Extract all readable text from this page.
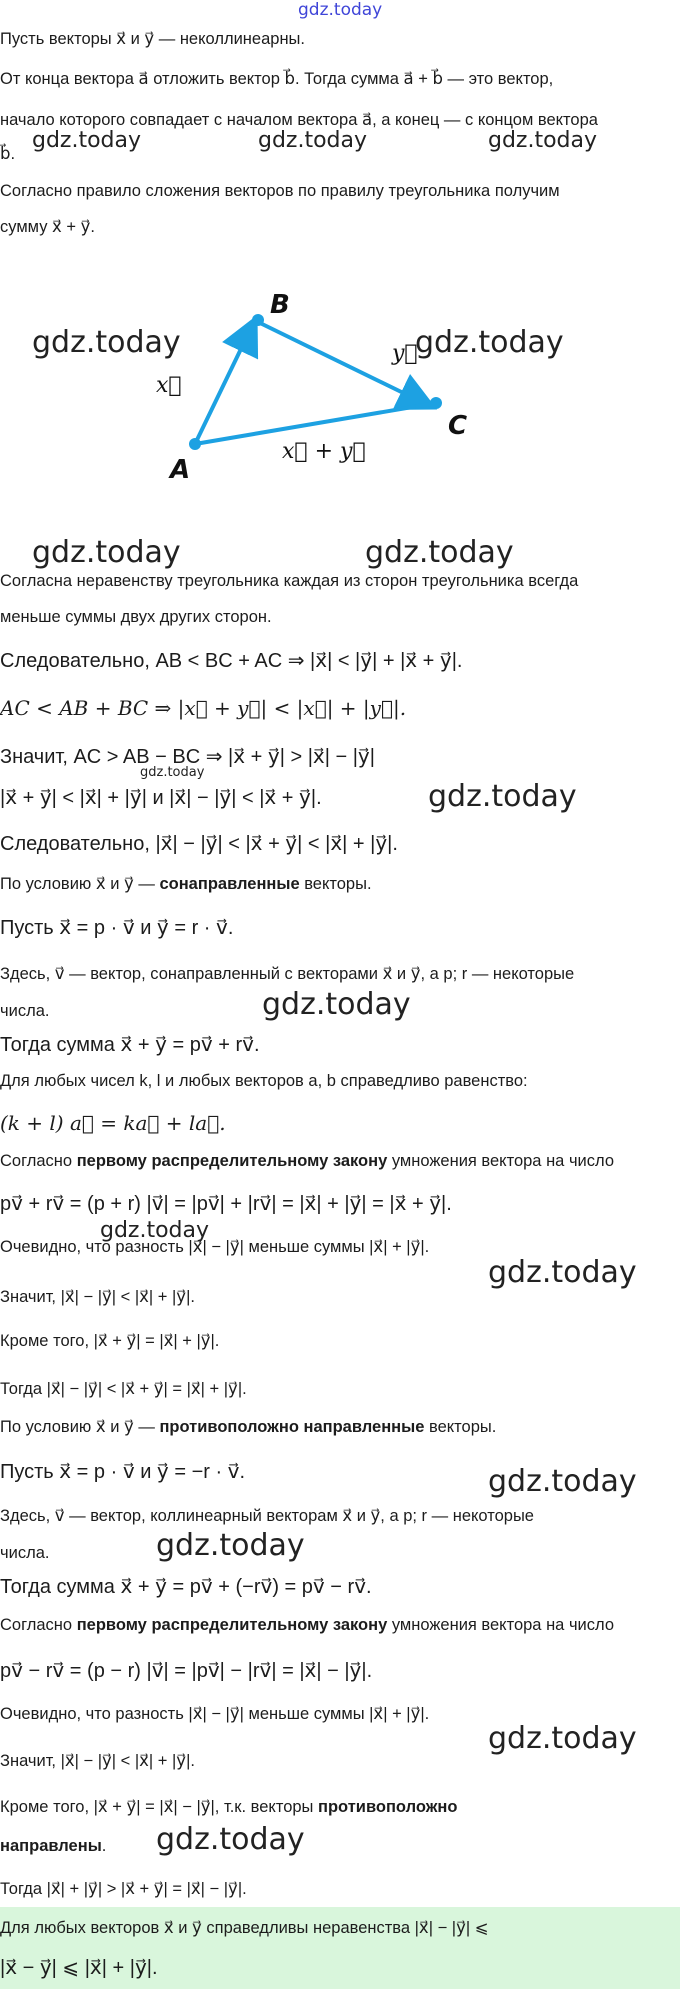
gdz.today
Пусть векторы x⃗ и y⃗ — неколлинеарны.
От конца вектора a⃗ отложить вектор b⃗. Тогда сумма a⃗ + b⃗ — это вектор,
начало которого совпадает с началом вектора a⃗, а конец — с концом вектора
b⃗.
gdz.today	gdz.today	gdz.today
Согласно правило сложения векторов по правилу треугольника получим
сумму x⃗ + y⃗.
A
B
C
x⃗
y⃗
x⃗ + y⃗
gdz.today	gdz.today
gdz.today	gdz.today
Согласна неравенству треугольника каждая из сторон треугольника всегда
меньше суммы двух других сторон.
Следовательно, AB < BC + AC ⇒ |x⃗| < |y⃗| + |x⃗ + y⃗|.
AC < AB + BC ⇒ |x⃗ + y⃗| < |x⃗| + |y⃗|.
Значит, AC > AB − BC ⇒ |x⃗ + y⃗| > |x⃗| − |y⃗|
gdz.today
|x⃗ + y⃗| < |x⃗| + |y⃗| и |x⃗| − |y⃗| < |x⃗ + y⃗|.	gdz.today
Следовательно, |x⃗| − |y⃗| < |x⃗ + y⃗| < |x⃗| + |y⃗|.
По условию x⃗ и y⃗ — сонаправленные векторы.
Пусть x⃗ = p · v⃗ и y⃗ = r · v⃗.
Здесь, v⃗ — вектор, сонаправленный с векторами x⃗ и y⃗, а p; r — некоторые
числа.	gdz.today
Тогда сумма x⃗ + y⃗ = pv⃗ + rv⃗.
Для любых чисел k, l и любых векторов a, b справедливо равенство:
(k + l) a⃗ = ka⃗ + la⃗.
Согласно первому распределительному закону умножения вектора на число
pv⃗ + rv⃗ = (p + r) |v⃗| = |pv⃗| + |rv⃗| = |x⃗| + |y⃗| = |x⃗ + y⃗|.
gdz.today
Очевидно, что разность |x⃗| − |y⃗| меньше суммы |x⃗| + |y⃗|.
gdz.today
Значит, |x⃗| − |y⃗| < |x⃗| + |y⃗|.
Кроме того, |x⃗ + y⃗| = |x⃗| + |y⃗|.
Тогда |x⃗| − |y⃗| < |x⃗ + y⃗| = |x⃗| + |y⃗|.
По условию x⃗ и y⃗ — противоположно направленные векторы.
Пусть x⃗ = p · v⃗ и y⃗ = −r · v⃗.	gdz.today
Здесь, v⃗ — вектор, коллинеарный векторам x⃗ и y⃗, а p; r — некоторые
числа.	gdz.today
Тогда сумма x⃗ + y⃗ = pv⃗ + (−rv⃗) = pv⃗ − rv⃗.
Согласно первому распределительному закону умножения вектора на число
pv⃗ − rv⃗ = (p − r) |v⃗| = |pv⃗| − |rv⃗| = |x⃗| − |y⃗|.
Очевидно, что разность |x⃗| − |y⃗| меньше суммы |x⃗| + |y⃗|.
gdz.today
Значит, |x⃗| − |y⃗| < |x⃗| + |y⃗|.
Кроме того, |x⃗ + y⃗| = |x⃗| − |y⃗|, т.к. векторы противоположно
направлены. gdz.today
Тогда |x⃗| + |y⃗| > |x⃗ + y⃗| = |x⃗| − |y⃗|.
Для любых векторов x⃗ и y⃗ справедливы неравенства |x⃗| − |y⃗| ⩽
|x⃗ − y⃗| ⩽ |x⃗| + |y⃗|.
